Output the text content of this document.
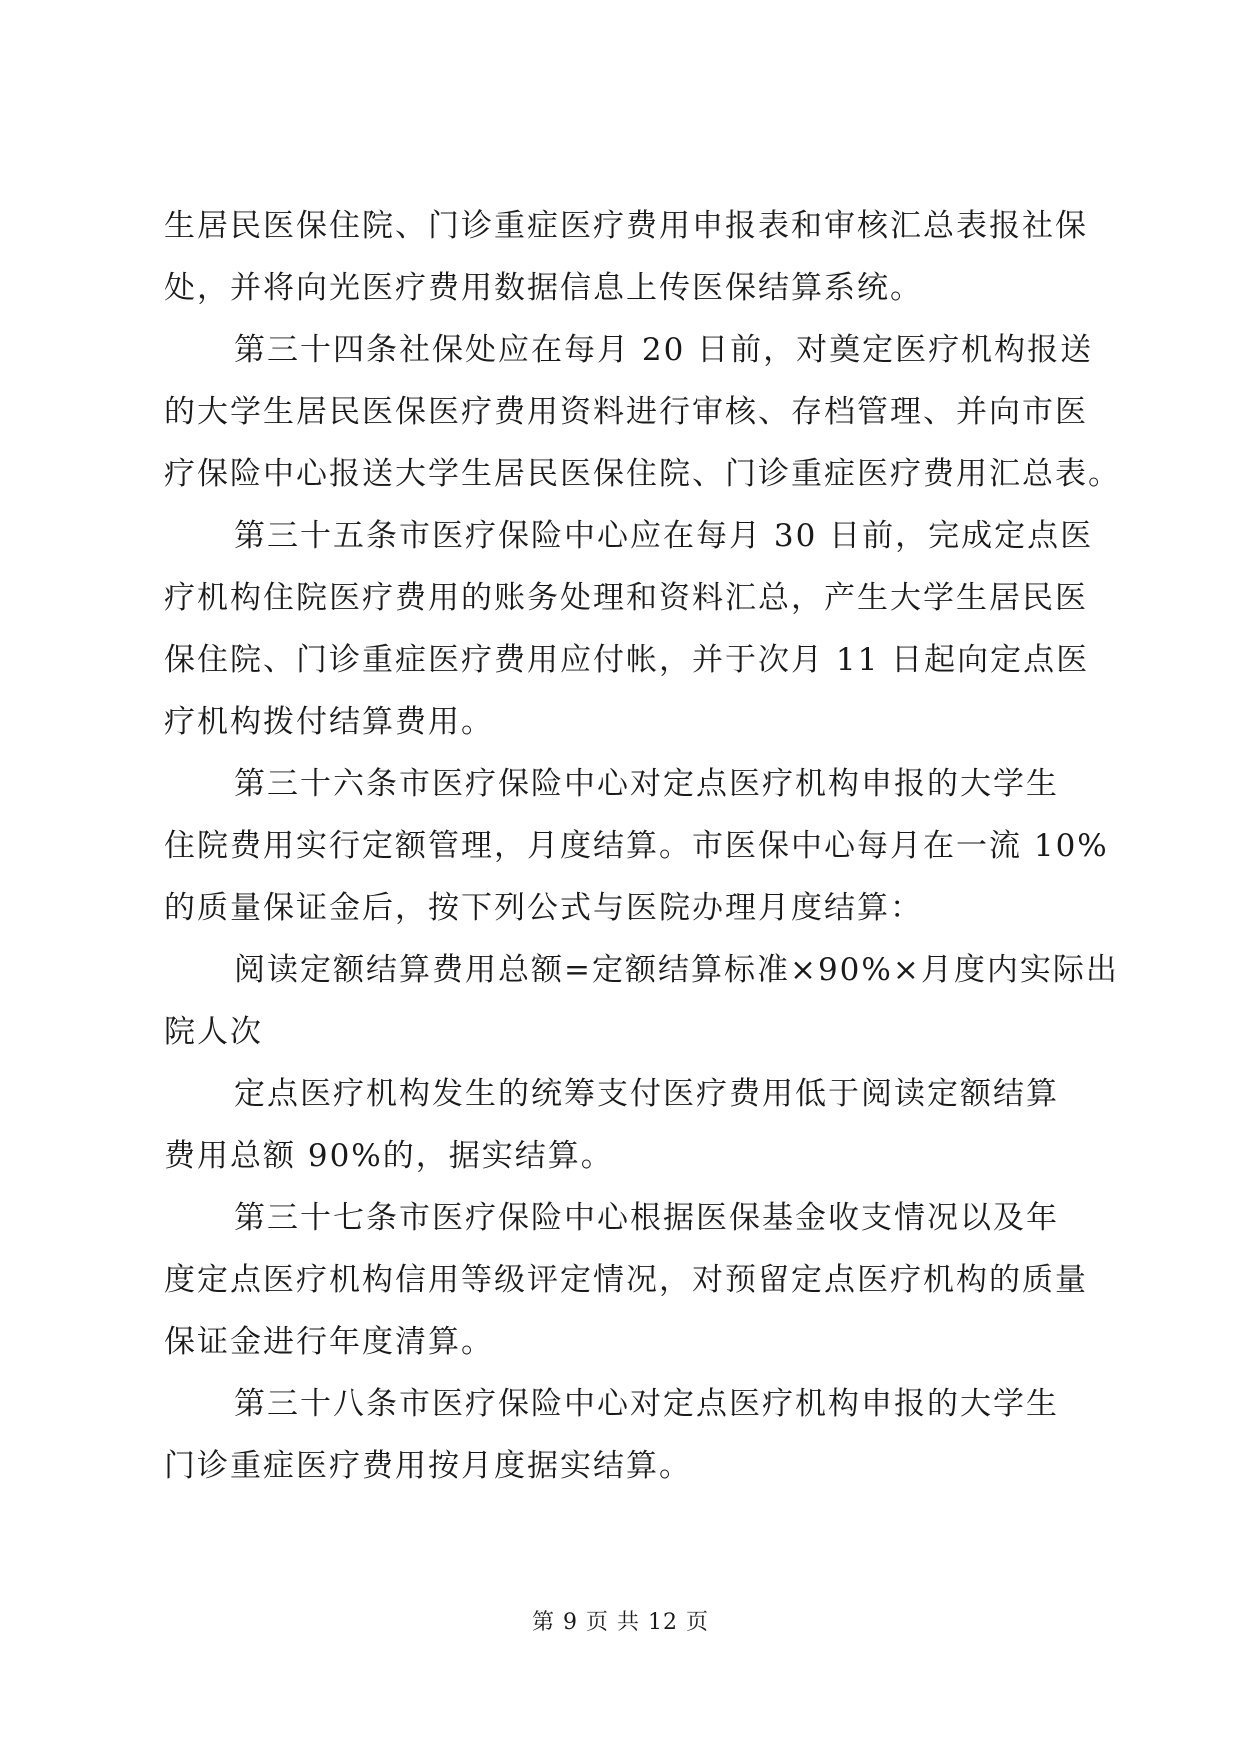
生居民医保住院、门诊重症医疗费用申报表和审核汇总表报社保
处，并将向光医疗费用数据信息上传医保结算系统。
第三十四条社保处应在每月 20 日前，对奠定医疗机构报送
的大学生居民医保医疗费用资料进行审核、存档管理、并向市医
疗保险中心报送大学生居民医保住院、门诊重症医疗费用汇总表。
第三十五条市医疗保险中心应在每月 30 日前，完成定点医
疗机构住院医疗费用的账务处理和资料汇总，产生大学生居民医
保住院、门诊重症医疗费用应付帐，并于次月 11 日起向定点医
疗机构拨付结算费用。
第三十六条市医疗保险中心对定点医疗机构申报的大学生
住院费用实行定额管理，月度结算。市医保中心每月在一流 10%
的质量保证金后，按下列公式与医院办理月度结算：
阅读定额结算费用总额=定额结算标准×90%×月度内实际出
院人次
定点医疗机构发生的统筹支付医疗费用低于阅读定额结算
费用总额 90%的，据实结算。
第三十七条市医疗保险中心根据医保基金收支情况以及年
度定点医疗机构信用等级评定情况，对预留定点医疗机构的质量
保证金进行年度清算。
第三十八条市医疗保险中心对定点医疗机构申报的大学生
门诊重症医疗费用按月度据实结算。
第 9 页 共 12 页
